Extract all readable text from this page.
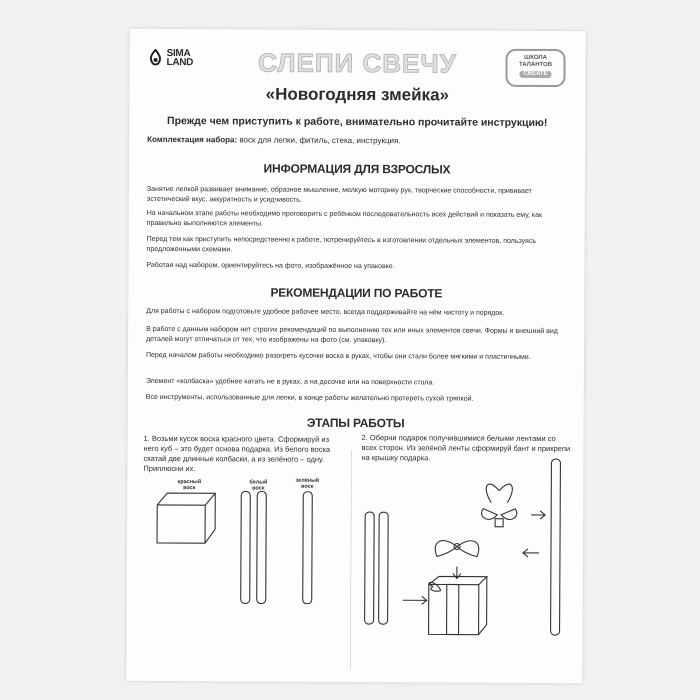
SIMA
LAND	СЛЕПИ СВЕЧУ	ШКОЛА
ТАЛАНТОВ
CREATE
«Новогодняя змейка»
Прежде чем приступить к работе, внимательно прочитайте инструкцию!
Комплектация набора: воск для лепки, фитиль, стека, инструкция.
ИНФОРМАЦИЯ ДЛЯ ВЗРОСЛЫХ
Занятие лепкой развивает внимание, образное мышление, мелкую моторику рук, творческие способности, прививает эстетический вкус, аккуратность и усидчивость.
На начальном этапе работы необходимо проговорить с ребёнком последовательность всех действий и показать ему, как правильно выполняются элементы.
Перед тем как приступить непосредственно к работе, потренируйтесь в изготовлении отдельных элементов, пользуясь предложенными схемами.
Работая над набором, ориентируйтесь на фото, изображённое на упаковке.
РЕКОМЕНДАЦИИ ПО РАБОТЕ
Для работы с набором подготовьте удобное рабочее место, всегда поддерживайте на нём чистоту и порядок.
В работе с данным набором нет строгих рекомендаций по выполнению тех или иных элементов свечи. Формы и внешний вид деталей могут отличаться от тех, что изображены на фото (см. упаковку).
Перед началом работы необходимо разогреть кусочки воска в руках, чтобы они стали более мягкими и пластичными.
Элемент «колбаска» удобнее катать не в руках, а на досочке или на поверхности стола.
Все инструменты, использованные для лепки, в конце работы желательно протереть сухой тряпкой.
ЭТАПЫ РАБОТЫ
1. Возьми кусок воска красного цвета. Сформируй из него куб – это будет основа подарка. Из белого воска скатай две длинные колбаски, а из зелёного – одну. Приплюсни их.
2. Оберни подарок получившимися белыми лентами со всех сторон. Из зелёной ленты сформируй бант и прикрепи на крышку подарка.
красный воск
белый воск
зелёный воск
